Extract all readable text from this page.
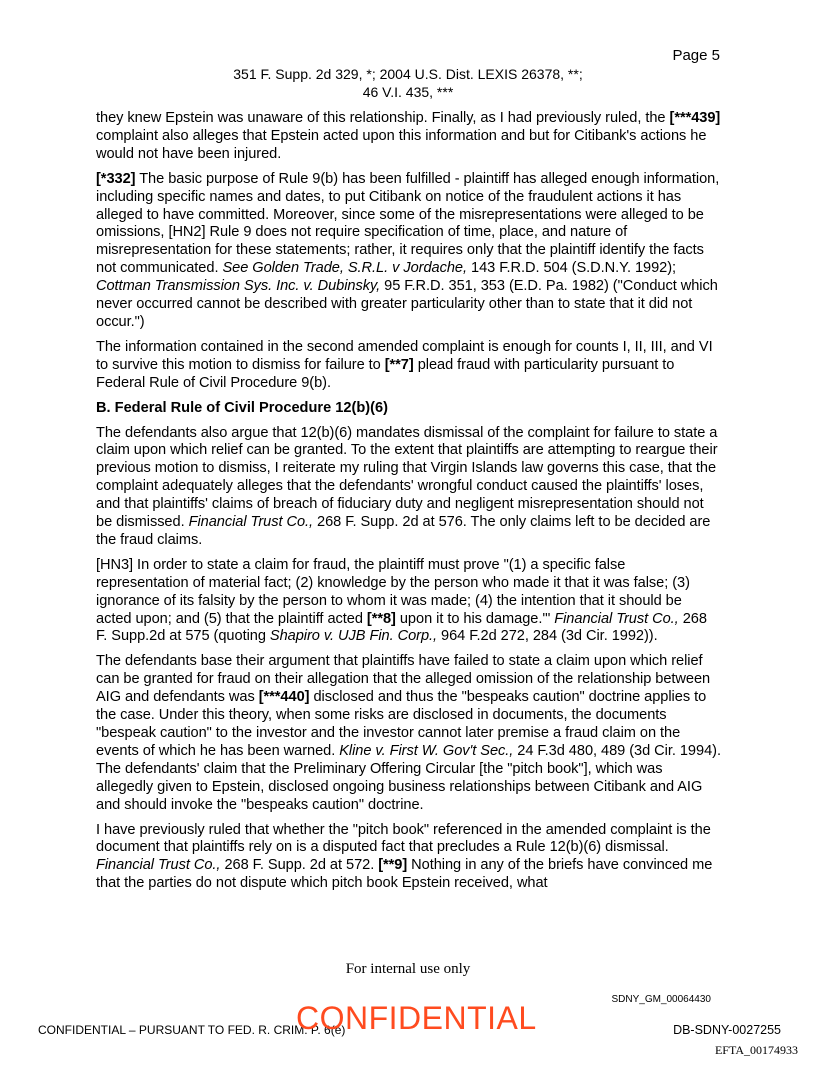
Page 5
351 F. Supp. 2d 329, *; 2004 U.S. Dist. LEXIS 26378, **;
46 V.I. 435, ***

they knew Epstein was unaware of this relationship. Finally, as I had previously ruled, the [***439] complaint also alleges that Epstein acted upon this information and but for Citibank's actions he would not have been injured.

[*332] The basic purpose of Rule 9(b) has been fulfilled - plaintiff has alleged enough information, including specific names and dates, to put Citibank on notice of the fraudulent actions it has alleged to have committed. Moreover, since some of the misrepresentations were alleged to be omissions, [HN2] Rule 9 does not require specification of time, place, and nature of misrepresentation for these statements; rather, it requires only that the plaintiff identify the facts not communicated. See Golden Trade, S.R.L. v Jordache, 143 F.R.D. 504 (S.D.N.Y. 1992); Cottman Transmission Sys. Inc. v. Dubinsky, 95 F.R.D. 351, 353 (E.D. Pa. 1982) ("Conduct which never occurred cannot be described with greater particularity other than to state that it did not occur.")

The information contained in the second amended complaint is enough for counts I, II, III, and VI to survive this motion to dismiss for failure to [**7] plead fraud with particularity pursuant to Federal Rule of Civil Procedure 9(b).

B. Federal Rule of Civil Procedure 12(b)(6)

The defendants also argue that 12(b)(6) mandates dismissal of the complaint for failure to state a claim upon which relief can be granted. To the extent that plaintiffs are attempting to reargue their previous motion to dismiss, I reiterate my ruling that Virgin Islands law governs this case, that the complaint adequately alleges that the defendants' wrongful conduct caused the plaintiffs' loses, and that plaintiffs' claims of breach of fiduciary duty and negligent misrepresentation should not be dismissed. Financial Trust Co., 268 F. Supp. 2d at 576. The only claims left to be decided are the fraud claims.

[HN3] In order to state a claim for fraud, the plaintiff must prove "(1) a specific false representation of material fact; (2) knowledge by the person who made it that it was false; (3) ignorance of its falsity by the person to whom it was made; (4) the intention that it should be acted upon; and (5) that the plaintiff acted [**8] upon it to his damage.'" Financial Trust Co., 268 F. Supp.2d at 575 (quoting Shapiro v. UJB Fin. Corp., 964 F.2d 272, 284 (3d Cir. 1992)).

The defendants base their argument that plaintiffs have failed to state a claim upon which relief can be granted for fraud on their allegation that the alleged omission of the relationship between AIG and defendants was [***440] disclosed and thus the "bespeaks caution" doctrine applies to the case. Under this theory, when some risks are disclosed in documents, the documents "bespeak caution" to the investor and the investor cannot later premise a fraud claim on the events of which he has been warned. Kline v. First W. Gov't Sec., 24 F.3d 480, 489 (3d Cir. 1994). The defendants' claim that the Preliminary Offering Circular [the "pitch book"], which was allegedly given to Epstein, disclosed ongoing business relationships between Citibank and AIG and should invoke the "bespeaks caution" doctrine.

I have previously ruled that whether the "pitch book" referenced in the amended complaint is the document that plaintiffs rely on is a disputed fact that precludes a Rule 12(b)(6) dismissal. Financial Trust Co., 268 F. Supp. 2d at 572. [**9] Nothing in any of the briefs have convinced me that the parties do not dispute which pitch book Epstein received, what

For internal use only
SDNY_GM_00064430
CONFIDENTIAL – PURSUANT TO FED. R. CRIM. P. 6(e)
CONFIDENTIAL	DB-SDNY-0027255
EFTA_00174933
